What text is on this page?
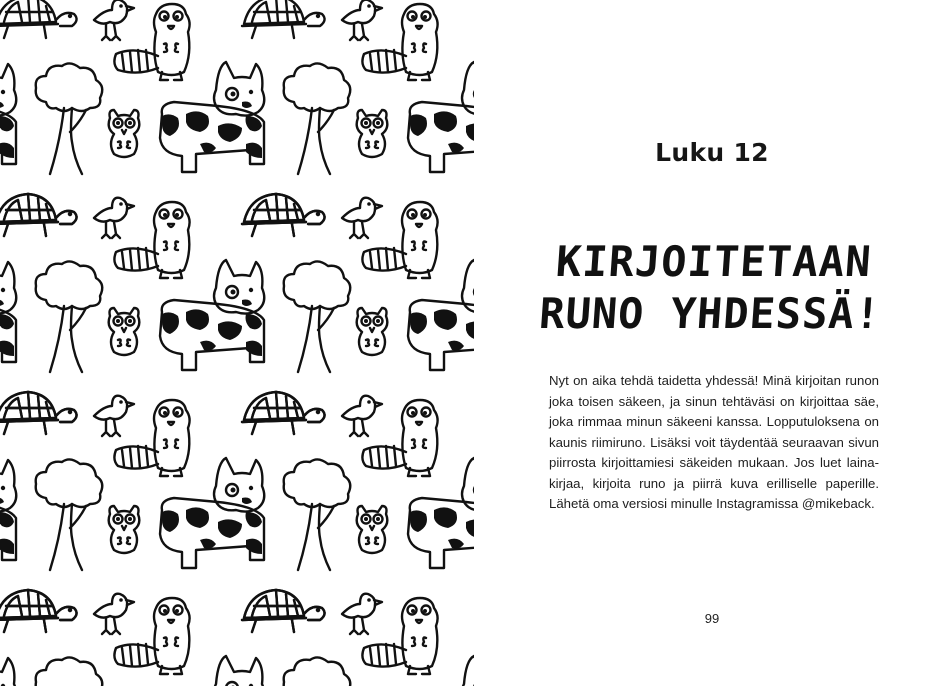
Luku 12
KIRJOITETAAN
RUNO YHDESSÄ!
Nyt on aika tehdä taidetta yhdessä! Minä kirjoitan runon
joka toisen säkeen, ja sinun tehtäväsi on kirjoittaa säe,
joka rimmaa minun säkeeni kanssa. Lopputuloksena on
kaunis riimiruno. Lisäksi voit täydentää seuraavan sivun
piirrosta kirjoittamiesi säkeiden mukaan. Jos luet laina-
kirjaa, kirjoita runo ja piirrä kuva erilliselle paperille.
Lähetä oma versiosi minulle Instagramissa @mikeback.
99
